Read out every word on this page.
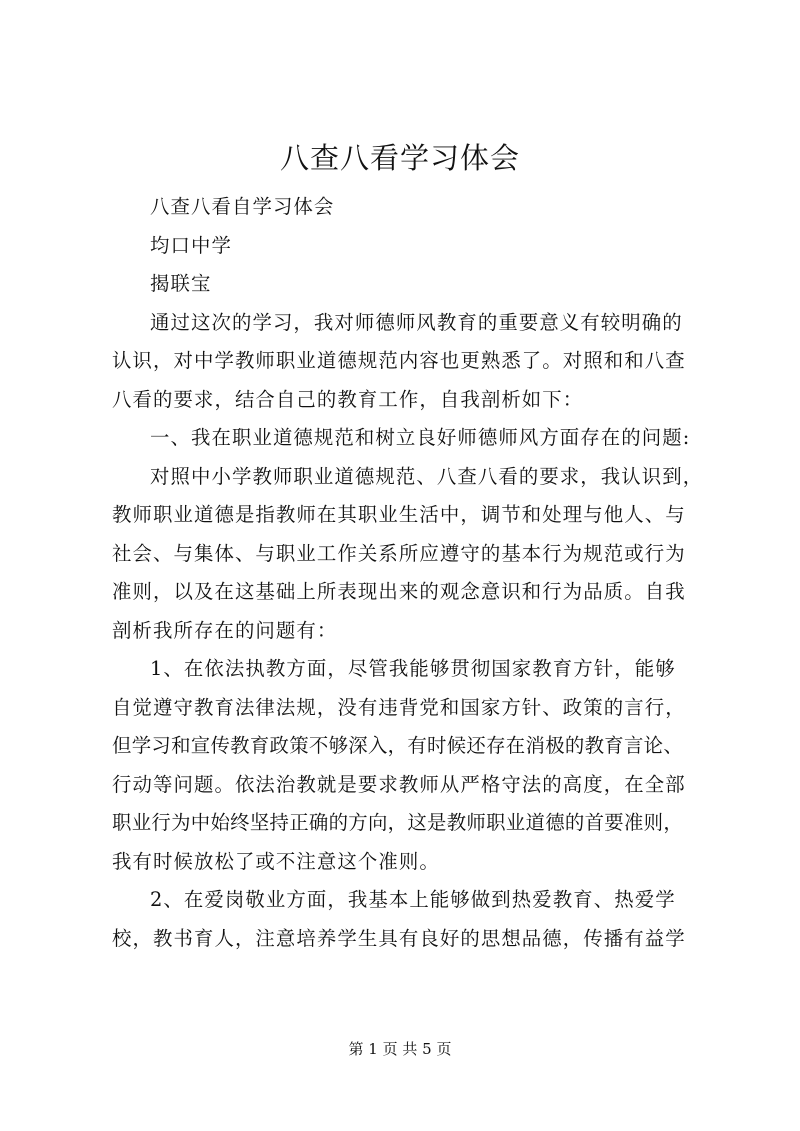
八查八看学习体会
八查八看自学习体会
均口中学
揭联宝
通过这次的学习，我对师德师风教育的重要意义有较明确的
认识，对中学教师职业道德规范内容也更熟悉了。对照和和八查
八看的要求，结合自己的教育工作，自我剖析如下：
一、我在职业道德规范和树立良好师德师风方面存在的问题:
对照中小学教师职业道德规范、八查八看的要求，我认识到，
教师职业道德是指教师在其职业生活中，调节和处理与他人、与
社会、与集体、与职业工作关系所应遵守的基本行为规范或行为
准则，以及在这基础上所表现出来的观念意识和行为品质。自我
剖析我所存在的问题有：
1、在依法执教方面，尽管我能够贯彻国家教育方针，能够
自觉遵守教育法律法规，没有违背党和国家方针、政策的言行，
但学习和宣传教育政策不够深入，有时候还存在消极的教育言论、
行动等问题。依法治教就是要求教师从严格守法的高度，在全部
职业行为中始终坚持正确的方向，这是教师职业道德的首要准则，
我有时候放松了或不注意这个准则。
2、在爱岗敬业方面，我基本上能够做到热爱教育、热爱学
校，教书育人，注意培养学生具有良好的思想品德，传播有益学
第 1 页 共 5 页
